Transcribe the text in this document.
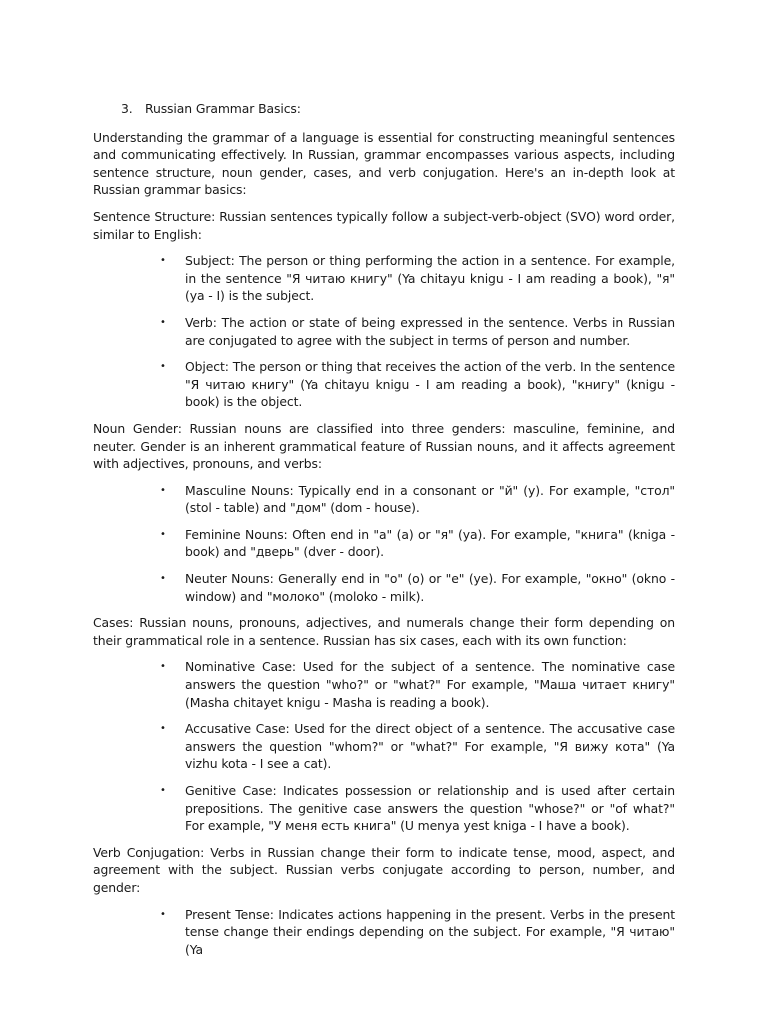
3. Russian Grammar Basics:

Understanding the grammar of a language is essential for constructing meaningful sentences and communicating effectively. In Russian, grammar encompasses various aspects, including sentence structure, noun gender, cases, and verb conjugation. Here's an in-depth look at Russian grammar basics:

Sentence Structure: Russian sentences typically follow a subject-verb-object (SVO) word order, similar to English:

• Subject: The person or thing performing the action in a sentence. For example, in the sentence "Я читаю книгу" (Ya chitayu knigu - I am reading a book), "я" (ya - I) is the subject.
• Verb: The action or state of being expressed in the sentence. Verbs in Russian are conjugated to agree with the subject in terms of person and number.
• Object: The person or thing that receives the action of the verb. In the sentence "Я читаю книгу" (Ya chitayu knigu - I am reading a book), "книгу" (knigu - book) is the object.

Noun Gender: Russian nouns are classified into three genders: masculine, feminine, and neuter. Gender is an inherent grammatical feature of Russian nouns, and it affects agreement with adjectives, pronouns, and verbs:

• Masculine Nouns: Typically end in a consonant or "й" (y). For example, "стол" (stol - table) and "дом" (dom - house).
• Feminine Nouns: Often end in "а" (a) or "я" (ya). For example, "книга" (kniga - book) and "дверь" (dver - door).
• Neuter Nouns: Generally end in "о" (o) or "е" (ye). For example, "окно" (okno - window) and "молоко" (moloko - milk).

Cases: Russian nouns, pronouns, adjectives, and numerals change their form depending on their grammatical role in a sentence. Russian has six cases, each with its own function:

• Nominative Case: Used for the subject of a sentence. The nominative case answers the question "who?" or "what?" For example, "Маша читает книгу" (Masha chitayet knigu - Masha is reading a book).
• Accusative Case: Used for the direct object of a sentence. The accusative case answers the question "whom?" or "what?" For example, "Я вижу кота" (Ya vizhu kota - I see a cat).
• Genitive Case: Indicates possession or relationship and is used after certain prepositions. The genitive case answers the question "whose?" or "of what?" For example, "У меня есть книга" (U menya yest kniga - I have a book).

Verb Conjugation: Verbs in Russian change their form to indicate tense, mood, aspect, and agreement with the subject. Russian verbs conjugate according to person, number, and gender:

• Present Tense: Indicates actions happening in the present. Verbs in the present tense change their endings depending on the subject. For example, "Я читаю" (Ya
